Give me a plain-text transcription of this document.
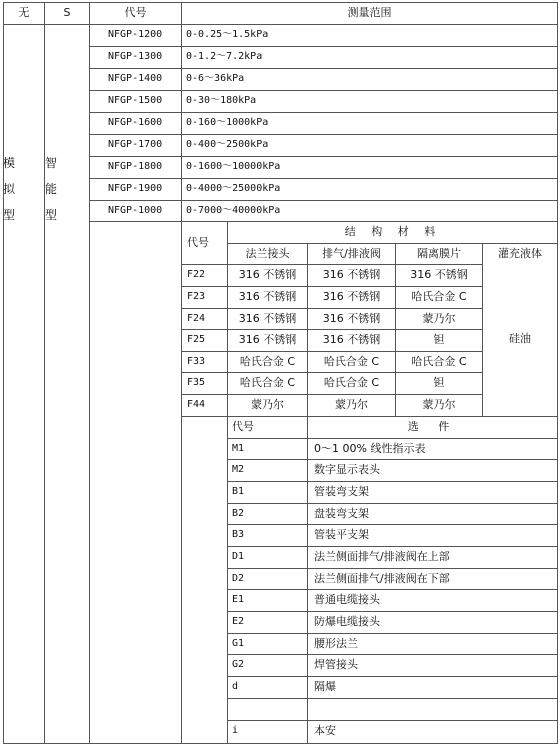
无	S	代号	测量范围
模
拟
型
智
能
型
NFGP-1200 0-0.25～1.5kPa
NFGP-1300 0-1.2～7.2kPa
NFGP-1400 0-6～36kPa
NFGP-1500 0-30～180kPa
NFGP-1600 0-160～1000kPa
NFGP-1700 0-400～2500kPa
NFGP-1800 0-1600～10000kPa
NFGP-1900 0-4000～25000kPa
NFGP-1000 0-7000～40000kPa
代号
结 构 材 料
法兰接头	排气/排液阀	隔离膜片	灌充液体
硅油
F22	316 不锈钢	316 不锈钢	316 不锈钢
F23	316 不锈钢	316 不锈钢	哈氏合金 C
F24	316 不锈钢	316 不锈钢	蒙乃尔
F25	316 不锈钢	316 不锈钢	钽
F33	哈氏合金 C	哈氏合金 C	哈氏合金 C
F35	哈氏合金 C	哈氏合金 C	钽
F44	蒙乃尔	蒙乃尔	蒙乃尔
代号	选 件
M1	0～1 00% 线性指示表
M2	数字显示表头
B1	管装弯支架
B2	盘装弯支架
B3	管装平支架
D1	法兰侧面排气/排液阀在上部
D2	法兰侧面排气/排液阀在下部
E1	普通电缆接头
E2	防爆电缆接头
G1	腰形法兰
G2	焊管接头
d	隔爆
i	本安
